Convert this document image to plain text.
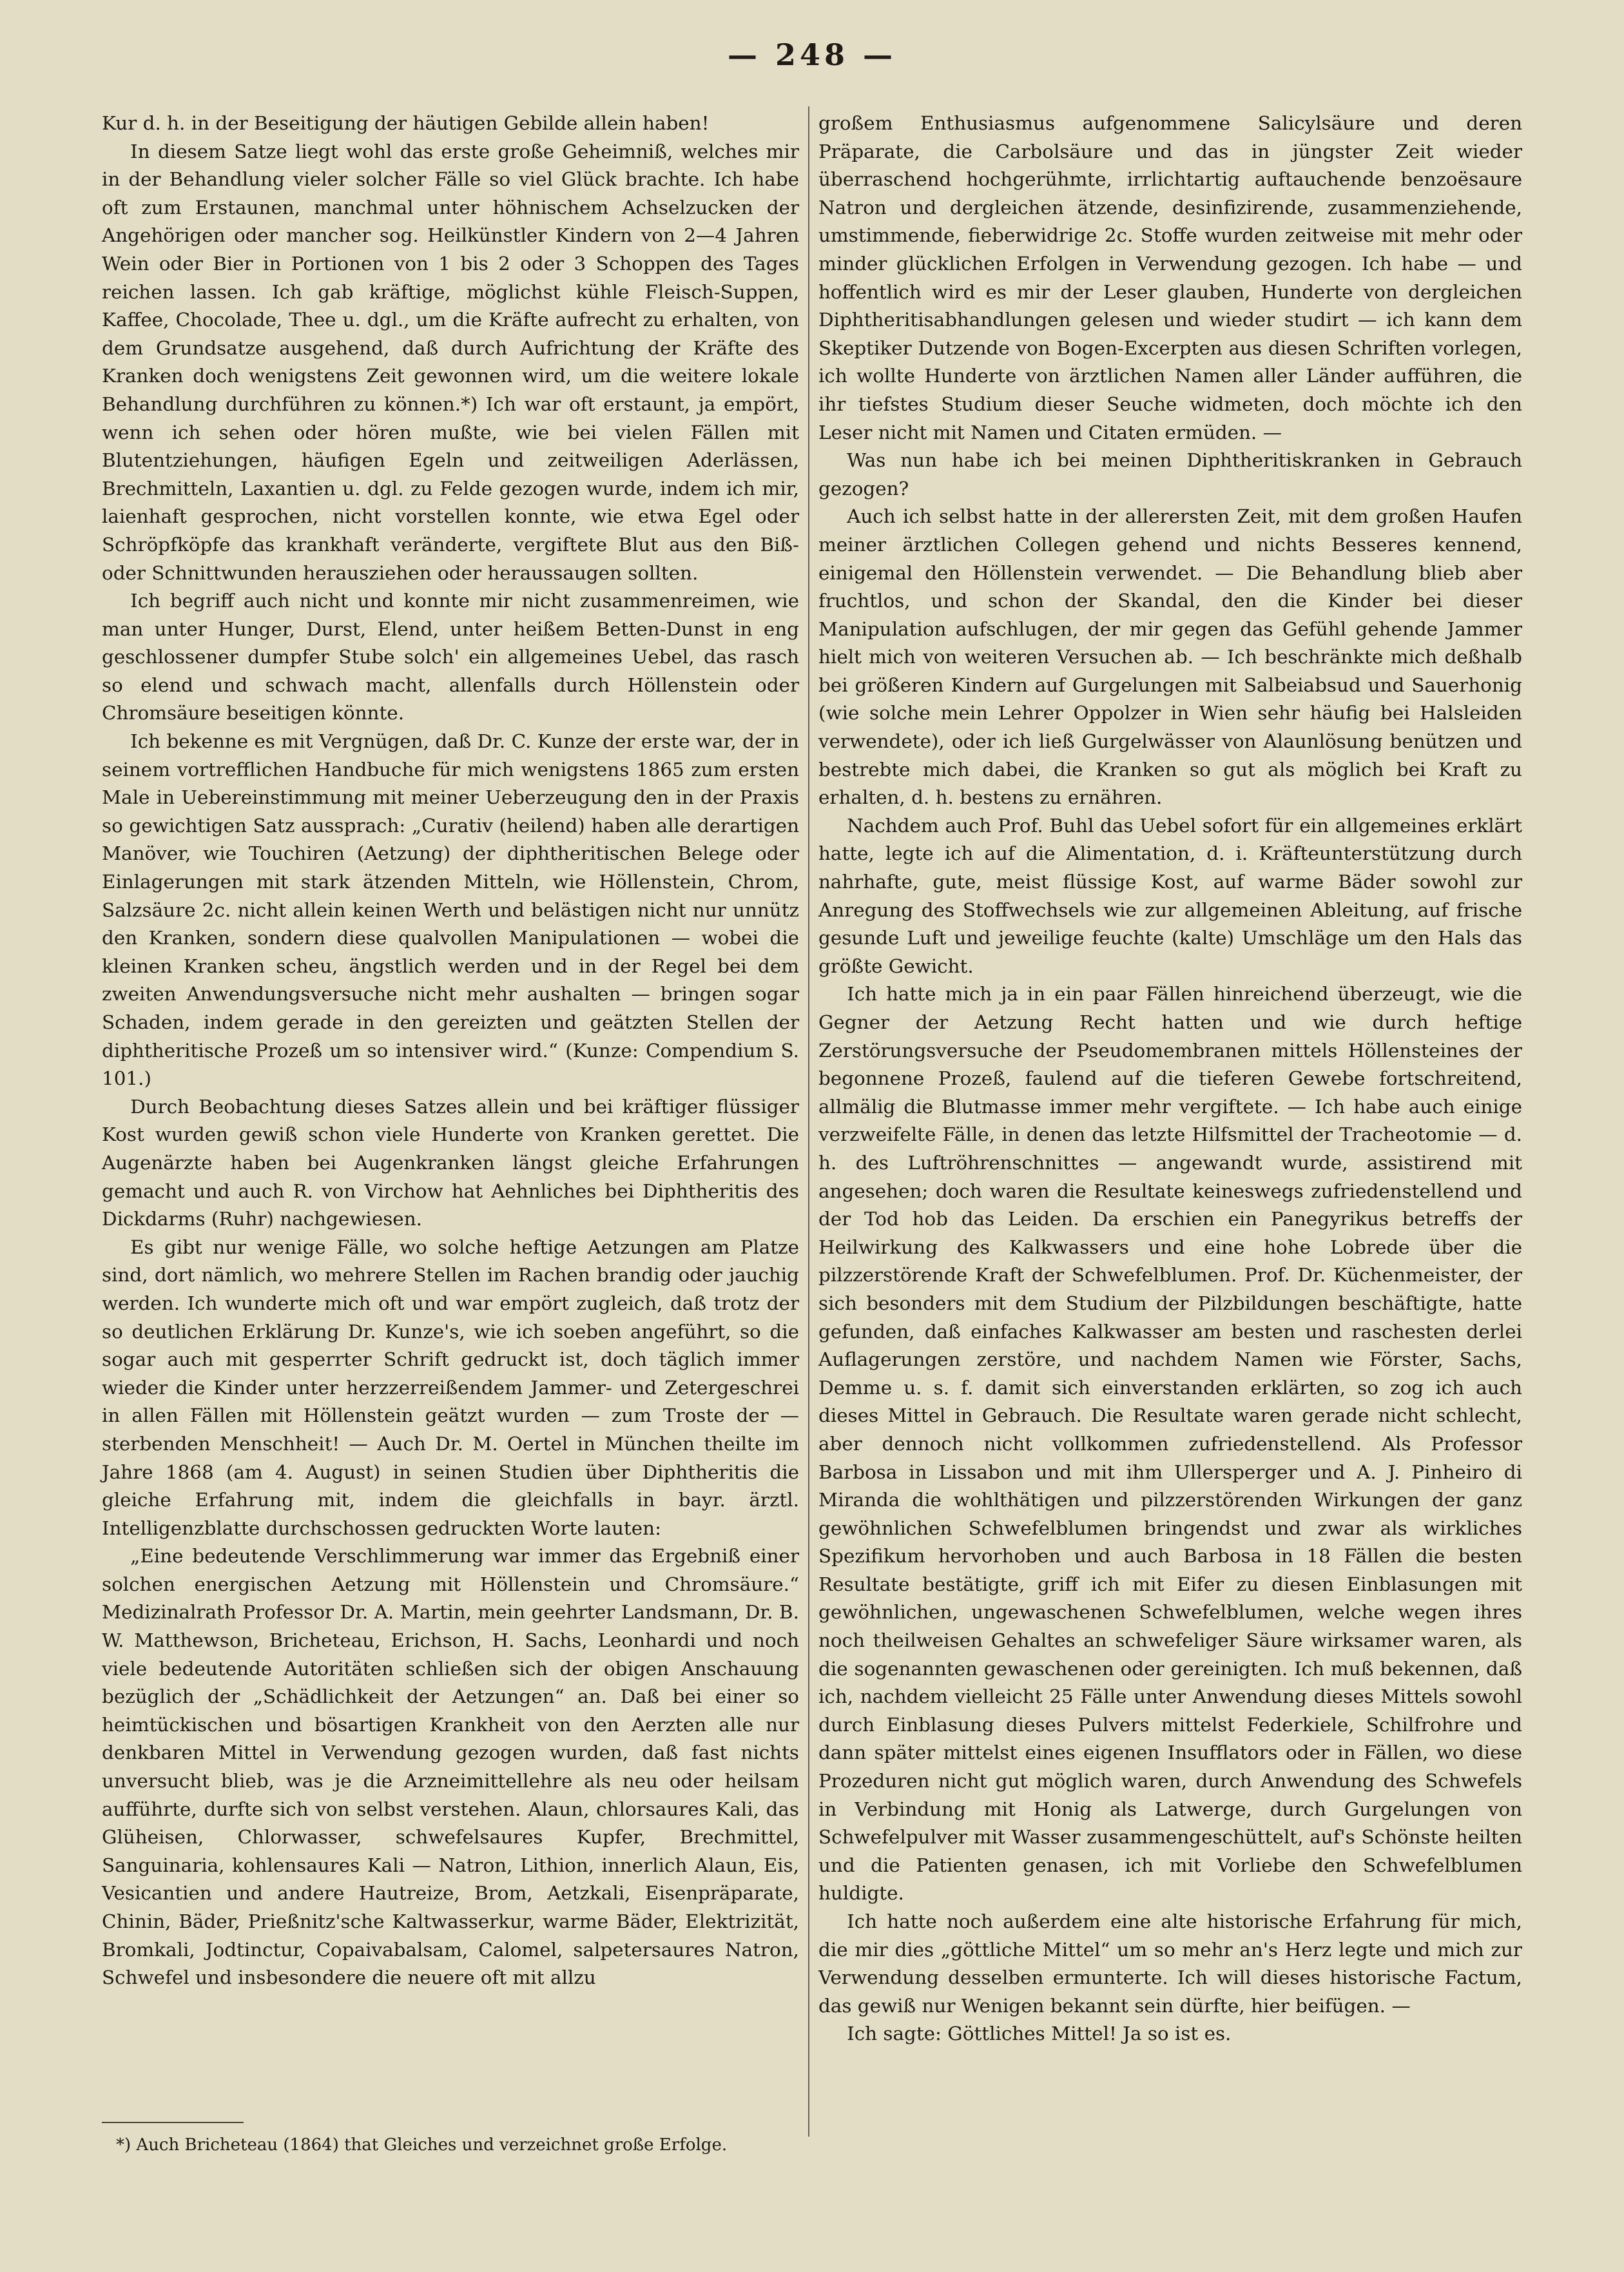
— 248 —

Kur d. h. in der Beseitigung der häutigen Gebilde allein haben!

In diesem Satze liegt wohl das erste große Geheimniß, welches mir in der Behandlung vieler solcher Fälle so viel Glück brachte. Ich habe oft zum Erstaunen, manchmal unter höhnischem Achselzucken der Angehörigen oder mancher sog. Heilkünstler Kindern von 2—4 Jahren Wein oder Bier in Portionen von 1 bis 2 oder 3 Schoppen des Tages reichen lassen. Ich gab kräftige, möglichst kühle Fleisch-Suppen, Kaffee, Chocolade, Thee u. dgl., um die Kräfte aufrecht zu erhalten, von dem Grundsatze ausgehend, daß durch Aufrichtung der Kräfte des Kranken doch wenigstens Zeit gewonnen wird, um die weitere lokale Behandlung durchführen zu können.*) Ich war oft erstaunt, ja empört, wenn ich sehen oder hören mußte, wie bei vielen Fällen mit Blutentziehungen, häufigen Egeln und zeitweiligen Aderlässen, Brechmitteln, Laxantien u. dgl. zu Felde gezogen wurde, indem ich mir, laienhaft gesprochen, nicht vorstellen konnte, wie etwa Egel oder Schröpfköpfe das krankhaft veränderte, vergiftete Blut aus den Biß- oder Schnittwunden herausziehen oder heraussaugen sollten.

Ich begriff auch nicht und konnte mir nicht zusammenreimen, wie man unter Hunger, Durst, Elend, unter heißem Betten-Dunst in eng geschlossener dumpfer Stube solch' ein allgemeines Uebel, das rasch so elend und schwach macht, allenfalls durch Höllenstein oder Chromsäure beseitigen könnte.

Ich bekenne es mit Vergnügen, daß Dr. C. Kunze der erste war, der in seinem vortrefflichen Handbuche für mich wenigstens 1865 zum ersten Male in Uebereinstimmung mit meiner Ueberzeugung den in der Praxis so gewichtigen Satz aussprach: „Curativ (heilend) haben alle derartigen Manöver, wie Touchiren (Aetzung) der diphtheritischen Belege oder Einlagerungen mit stark ätzenden Mitteln, wie Höllenstein, Chrom, Salzsäure 2c. nicht allein keinen Werth und belästigen nicht nur unnütz den Kranken, sondern diese qualvollen Manipulationen — wobei die kleinen Kranken scheu, ängstlich werden und in der Regel bei dem zweiten Anwendungsversuche nicht mehr aushalten — bringen sogar Schaden, indem gerade in den gereizten und geätzten Stellen der diphtheritische Prozeß um so intensiver wird.“ (Kunze: Compendium S. 101.)

Durch Beobachtung dieses Satzes allein und bei kräftiger flüssiger Kost wurden gewiß schon viele Hunderte von Kranken gerettet. Die Augenärzte haben bei Augenkranken längst gleiche Erfahrungen gemacht und auch R. von Virchow hat Aehnliches bei Diphtheritis des Dickdarms (Ruhr) nachgewiesen.

Es gibt nur wenige Fälle, wo solche heftige Aetzungen am Platze sind, dort nämlich, wo mehrere Stellen im Rachen brandig oder jauchig werden. Ich wunderte mich oft und war empört zugleich, daß trotz der so deutlichen Erklärung Dr. Kunze's, wie ich soeben angeführt, so die sogar auch mit gesperrter Schrift gedruckt ist, doch täglich immer wieder die Kinder unter herzzerreißendem Jammer- und Zetergeschrei in allen Fällen mit Höllenstein geätzt wurden — zum Troste der — sterbenden Menschheit! — Auch Dr. M. Oertel in München theilte im Jahre 1868 (am 4. August) in seinen Studien über Diphtheritis die gleiche Erfahrung mit, indem die gleichfalls in bayr. ärztl. Intelligenzblatte durchschossen gedruckten Worte lauten:

„Eine bedeutende Verschlimmerung war immer das Ergebniß einer solchen energischen Aetzung mit Höllenstein und Chromsäure.“ Medizinalrath Professor Dr. A. Martin, mein geehrter Landsmann, Dr. B. W. Matthewson, Bricheteau, Erichson, H. Sachs, Leonhardi und noch viele bedeutende Autoritäten schließen sich der obigen Anschauung bezüglich der „Schädlichkeit der Aetzungen“ an. Daß bei einer so heimtückischen und bösartigen Krankheit von den Aerzten alle nur denkbaren Mittel in Verwendung gezogen wurden, daß fast nichts unversucht blieb, was je die Arzneimittellehre als neu oder heilsam aufführte, durfte sich von selbst verstehen. Alaun, chlorsaures Kali, das Glüheisen, Chlorwasser, schwefelsaures Kupfer, Brechmittel, Sanguinaria, kohlensaures Kali — Natron, Lithion, innerlich Alaun, Eis, Vesicantien und andere Hautreize, Brom, Aetzkali, Eisenpräparate, Chinin, Bäder, Prießnitz'sche Kaltwasserkur, warme Bäder, Elektrizität, Bromkali, Jodtinctur, Copaivabalsam, Calomel, salpetersaures Natron, Schwefel und insbesondere die neuere oft mit allzu

großem Enthusiasmus aufgenommene Salicylsäure und deren Präparate, die Carbolsäure und das in jüngster Zeit wieder überraschend hochgerühmte, irrlichtartig auftauchende benzoësaure Natron und dergleichen ätzende, desinfizirende, zusammenziehende, umstimmende, fieberwidrige 2c. Stoffe wurden zeitweise mit mehr oder minder glücklichen Erfolgen in Verwendung gezogen. Ich habe — und hoffentlich wird es mir der Leser glauben, Hunderte von dergleichen Diphtheritisabhandlungen gelesen und wieder studirt — ich kann dem Skeptiker Dutzende von Bogen-Excerpten aus diesen Schriften vorlegen, ich wollte Hunderte von ärztlichen Namen aller Länder aufführen, die ihr tiefstes Studium dieser Seuche widmeten, doch möchte ich den Leser nicht mit Namen und Citaten ermüden. —

Was nun habe ich bei meinen Diphtheritiskranken in Gebrauch gezogen?

Auch ich selbst hatte in der allerersten Zeit, mit dem großen Haufen meiner ärztlichen Collegen gehend und nichts Besseres kennend, einigemal den Höllenstein verwendet. — Die Behandlung blieb aber fruchtlos, und schon der Skandal, den die Kinder bei dieser Manipulation aufschlugen, der mir gegen das Gefühl gehende Jammer hielt mich von weiteren Versuchen ab. — Ich beschränkte mich deßhalb bei größeren Kindern auf Gurgelungen mit Salbeiabsud und Sauerhonig (wie solche mein Lehrer Oppolzer in Wien sehr häufig bei Halsleiden verwendete), oder ich ließ Gurgelwässer von Alaunlösung benützen und bestrebte mich dabei, die Kranken so gut als möglich bei Kraft zu erhalten, d. h. bestens zu ernähren.

Nachdem auch Prof. Buhl das Uebel sofort für ein allgemeines erklärt hatte, legte ich auf die Alimentation, d. i. Kräfteunterstützung durch nahrhafte, gute, meist flüssige Kost, auf warme Bäder sowohl zur Anregung des Stoffwechsels wie zur allgemeinen Ableitung, auf frische gesunde Luft und jeweilige feuchte (kalte) Umschläge um den Hals das größte Gewicht.

Ich hatte mich ja in ein paar Fällen hinreichend überzeugt, wie die Gegner der Aetzung Recht hatten und wie durch heftige Zerstörungsversuche der Pseudomembranen mittels Höllensteines der begonnene Prozeß, faulend auf die tieferen Gewebe fortschreitend, allmälig die Blutmasse immer mehr vergiftete. — Ich habe auch einige verzweifelte Fälle, in denen das letzte Hilfsmittel der Tracheotomie — d. h. des Luftröhrenschnittes — angewandt wurde, assistirend mit angesehen; doch waren die Resultate keineswegs zufriedenstellend und der Tod hob das Leiden. Da erschien ein Panegyrikus betreffs der Heilwirkung des Kalkwassers und eine hohe Lobrede über die pilzzerstörende Kraft der Schwefelblumen. Prof. Dr. Küchenmeister, der sich besonders mit dem Studium der Pilzbildungen beschäftigte, hatte gefunden, daß einfaches Kalkwasser am besten und raschesten derlei Auflagerungen zerstöre, und nachdem Namen wie Förster, Sachs, Demme u. s. f. damit sich einverstanden erklärten, so zog ich auch dieses Mittel in Gebrauch. Die Resultate waren gerade nicht schlecht, aber dennoch nicht vollkommen zufriedenstellend. Als Professor Barbosa in Lissabon und mit ihm Ullersperger und A. J. Pinheiro di Miranda die wohlthätigen und pilzzerstörenden Wirkungen der ganz gewöhnlichen Schwefelblumen bringendst und zwar als wirkliches Spezifikum hervorhoben und auch Barbosa in 18 Fällen die besten Resultate bestätigte, griff ich mit Eifer zu diesen Einblasungen mit gewöhnlichen, ungewaschenen Schwefelblumen, welche wegen ihres noch theilweisen Gehaltes an schwefeliger Säure wirksamer waren, als die sogenannten gewaschenen oder gereinigten. Ich muß bekennen, daß ich, nachdem vielleicht 25 Fälle unter Anwendung dieses Mittels sowohl durch Einblasung dieses Pulvers mittelst Federkiele, Schilfrohre und dann später mittelst eines eigenen Insufflators oder in Fällen, wo diese Prozeduren nicht gut möglich waren, durch Anwendung des Schwefels in Verbindung mit Honig als Latwerge, durch Gurgelungen von Schwefelpulver mit Wasser zusammengeschüttelt, auf's Schönste heilten und die Patienten genasen, ich mit Vorliebe den Schwefelblumen huldigte.

Ich hatte noch außerdem eine alte historische Erfahrung für mich, die mir dies „göttliche Mittel“ um so mehr an's Herz legte und mich zur Verwendung desselben ermunterte. Ich will dieses historische Factum, das gewiß nur Wenigen bekannt sein dürfte, hier beifügen. —

Ich sagte: Göttliches Mittel! Ja so ist es.

*) Auch Bricheteau (1864) that Gleiches und verzeichnet große Erfolge.
